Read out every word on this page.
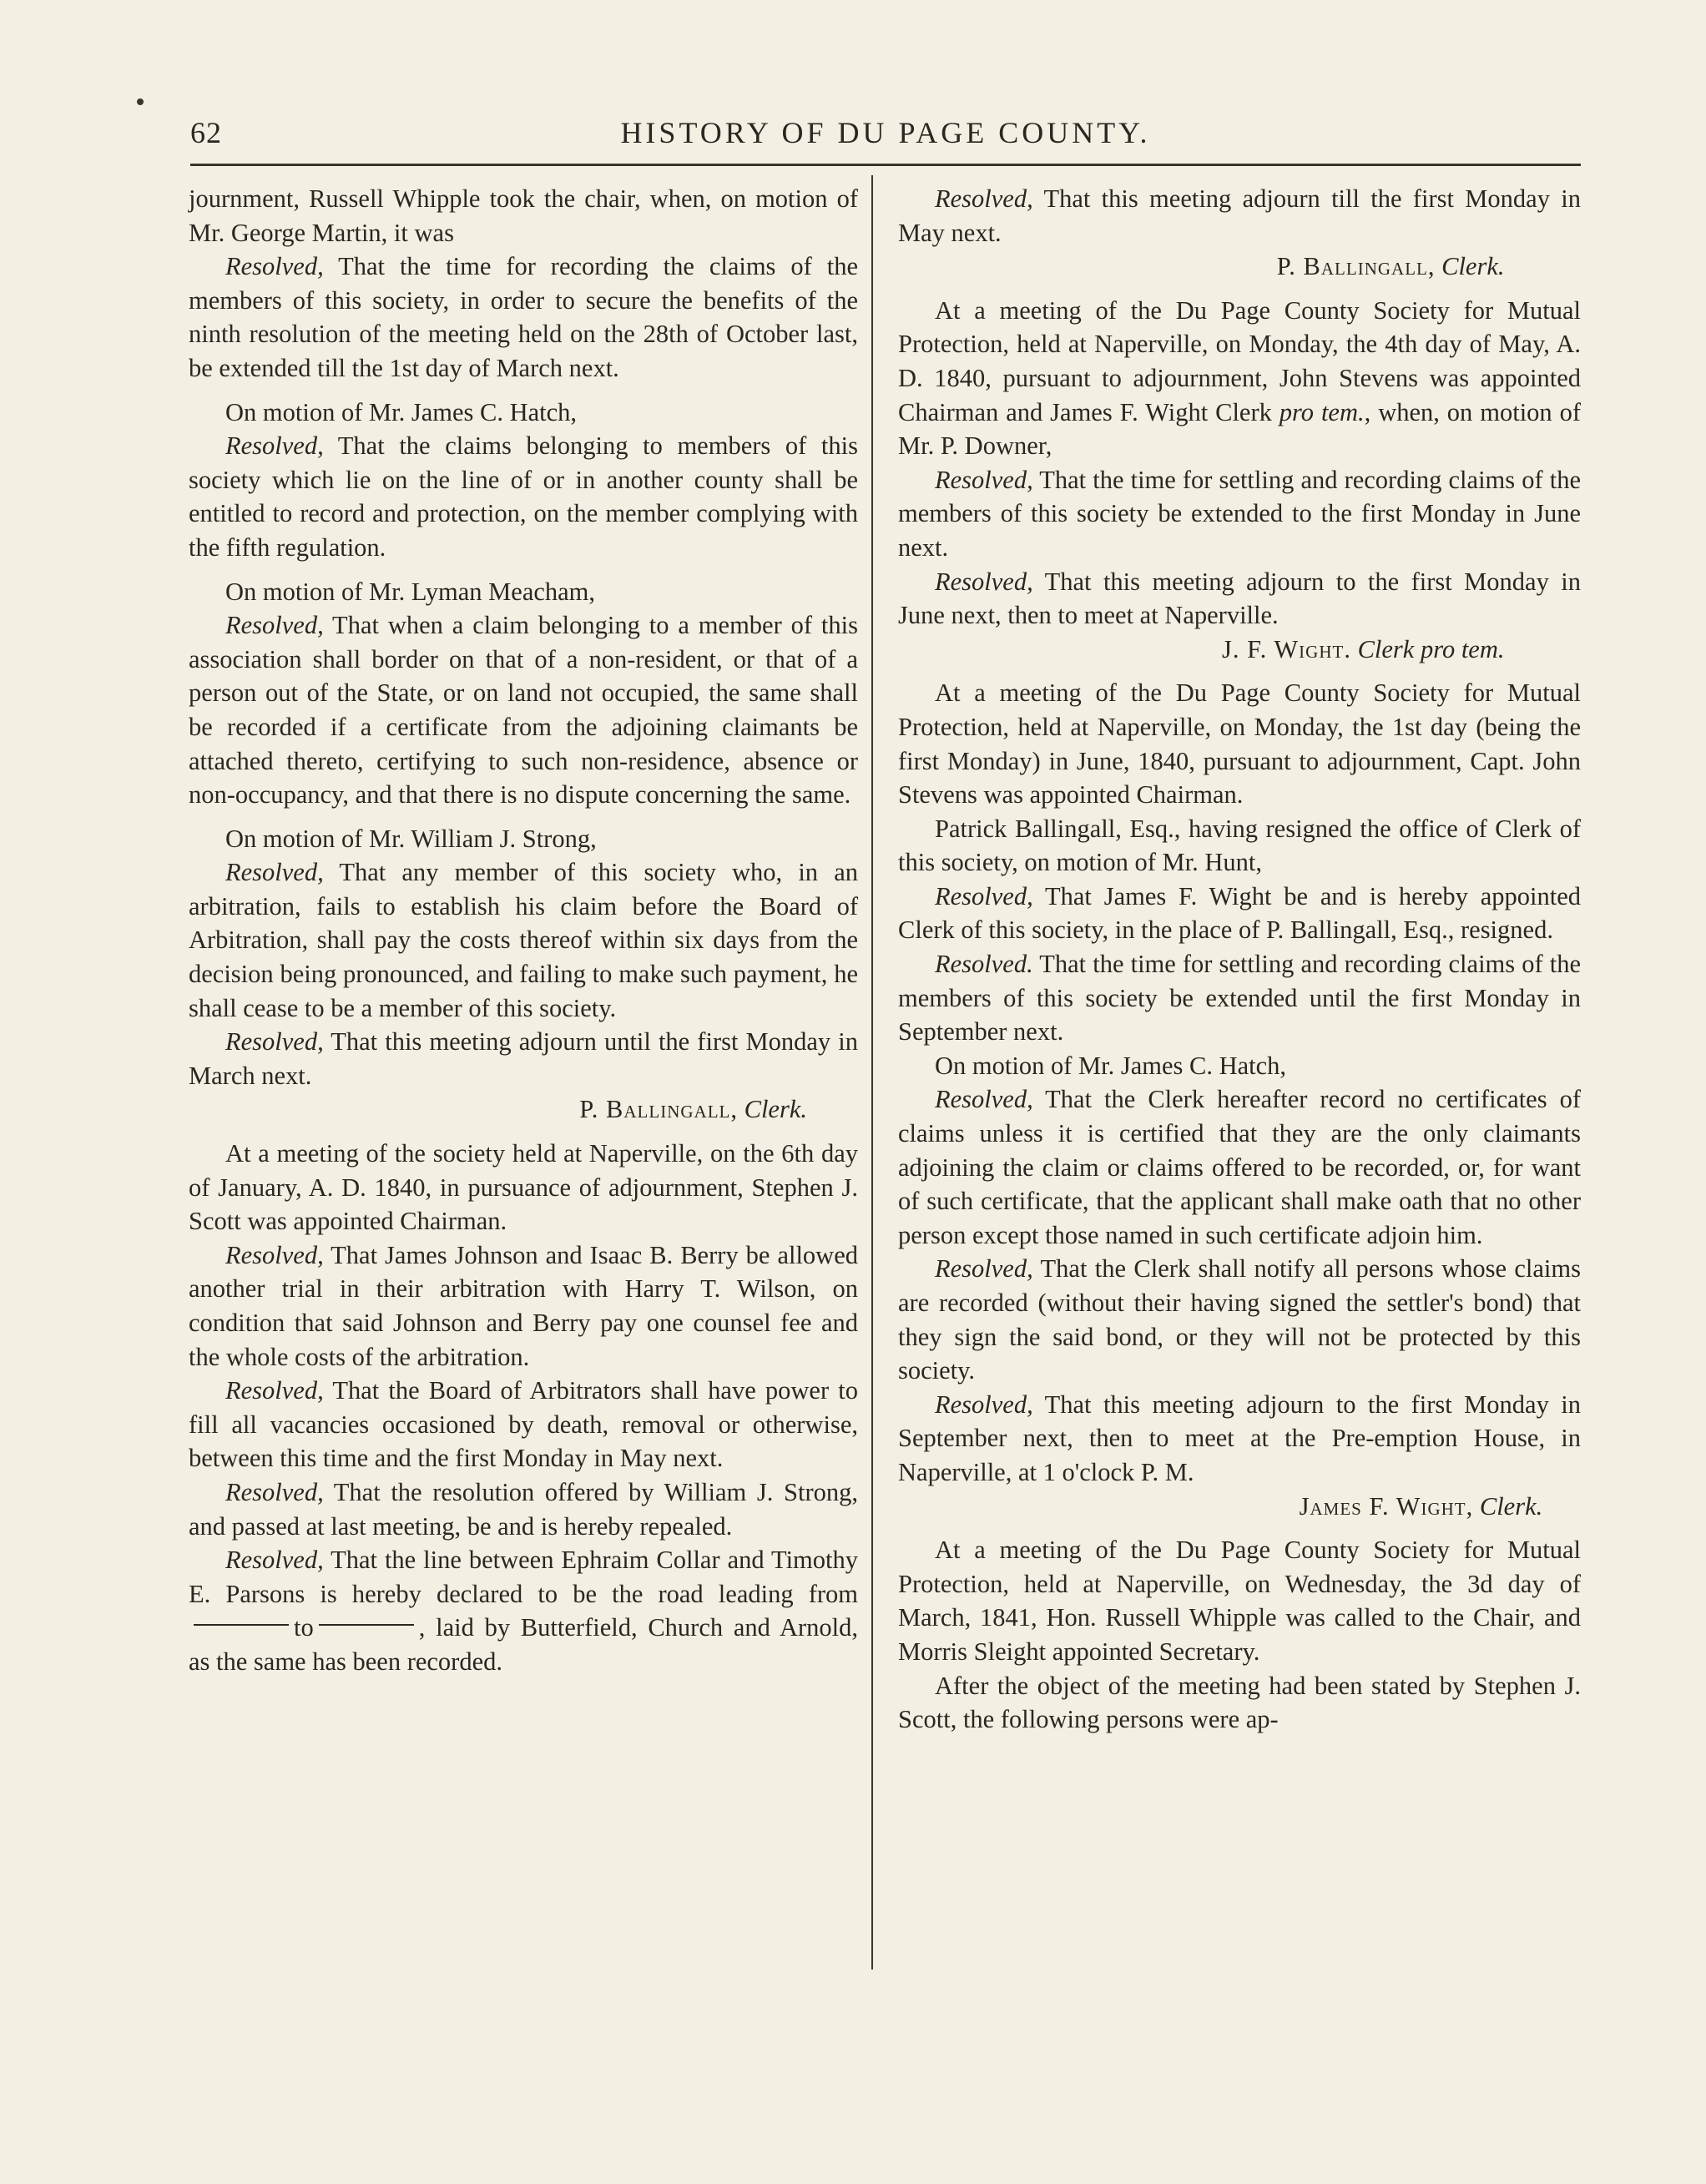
62	HISTORY OF DU PAGE COUNTY.

journment, Russell Whipple took the chair, when, on motion of Mr. George Martin, it was

Resolved, That the time for recording the claims of the members of this society, in order to secure the benefits of the ninth resolution of the meeting held on the 28th of October last, be extended till the 1st day of March next.

On motion of Mr. James C. Hatch,

Resolved, That the claims belonging to members of this society which lie on the line of or in another county shall be entitled to record and protection, on the member complying with the fifth regulation.

On motion of Mr. Lyman Meacham,

Resolved, That when a claim belonging to a member of this association shall border on that of a non-resident, or that of a person out of the State, or on land not occupied, the same shall be recorded if a certificate from the adjoining claimants be attached thereto, certifying to such non-residence, absence or non-occupancy, and that there is no dispute concerning the same.

On motion of Mr. William J. Strong,

Resolved, That any member of this society who, in an arbitration, fails to establish his claim before the Board of Arbitration, shall pay the costs thereof within six days from the decision being pronounced, and failing to make such payment, he shall cease to be a member of this society.

Resolved, That this meeting adjourn until the first Monday in March next.

P. Ballingall, Clerk.

At a meeting of the society held at Naperville, on the 6th day of January, A. D. 1840, in pursuance of adjournment, Stephen J. Scott was appointed Chairman.

Resolved, That James Johnson and Isaac B. Berry be allowed another trial in their arbitration with Harry T. Wilson, on condition that said Johnson and Berry pay one counsel fee and the whole costs of the arbitration.

Resolved, That the Board of Arbitrators shall have power to fill all vacancies occasioned by death, removal or otherwise, between this time and the first Monday in May next.

Resolved, That the resolution offered by William J. Strong, and passed at last meeting, be and is hereby repealed.

Resolved, That the line between Ephraim Collar and Timothy E. Parsons is hereby declared to be the road leading fromto	, laid by Butterfield, Church and Arnold, as the same has been recorded.

Resolved, That this meeting adjourn till the first Monday in May next.

P. Ballingall, Clerk.

At a meeting of the Du Page County Society for Mutual Protection, held at Naperville, on Monday, the 4th day of May, A. D. 1840, pursuant to adjournment, John Stevens was appointed Chairman and James F. Wight Clerk pro tem., when, on motion of Mr. P. Downer,

Resolved, That the time for settling and recording claims of the members of this society be extended to the first Monday in June next.

Resolved, That this meeting adjourn to the first Monday in June next, then to meet at Naperville.

J. F. Wight. Clerk pro tem.

At a meeting of the Du Page County Society for Mutual Protection, held at Naperville, on Monday, the 1st day (being the first Monday) in June, 1840, pursuant to adjournment, Capt. John Stevens was appointed Chairman.

Patrick Ballingall, Esq., having resigned the office of Clerk of this society, on motion of Mr. Hunt,

Resolved, That James F. Wight be and is hereby appointed Clerk of this society, in the place of P. Ballingall, Esq., resigned.

Resolved. That the time for settling and recording claims of the members of this society be extended until the first Monday in September next.

On motion of Mr. James C. Hatch,

Resolved, That the Clerk hereafter record no certificates of claims unless it is certified that they are the only claimants adjoining the claim or claims offered to be recorded, or, for want of such certificate, that the applicant shall make oath that no other person except those named in such certificate adjoin him.

Resolved, That the Clerk shall notify all persons whose claims are recorded (without their having signed the settler's bond) that they sign the said bond, or they will not be protected by this society.

Resolved, That this meeting adjourn to the first Monday in September next, then to meet at the Pre-emption House, in Naperville, at 1 o'clock P. M.

James F. Wight, Clerk.

At a meeting of the Du Page County Society for Mutual Protection, held at Naperville, on Wednesday, the 3d day of March, 1841, Hon. Russell Whipple was called to the Chair, and Morris Sleight appointed Secretary.

After the object of the meeting had been stated by Stephen J. Scott, the following persons were ap-
